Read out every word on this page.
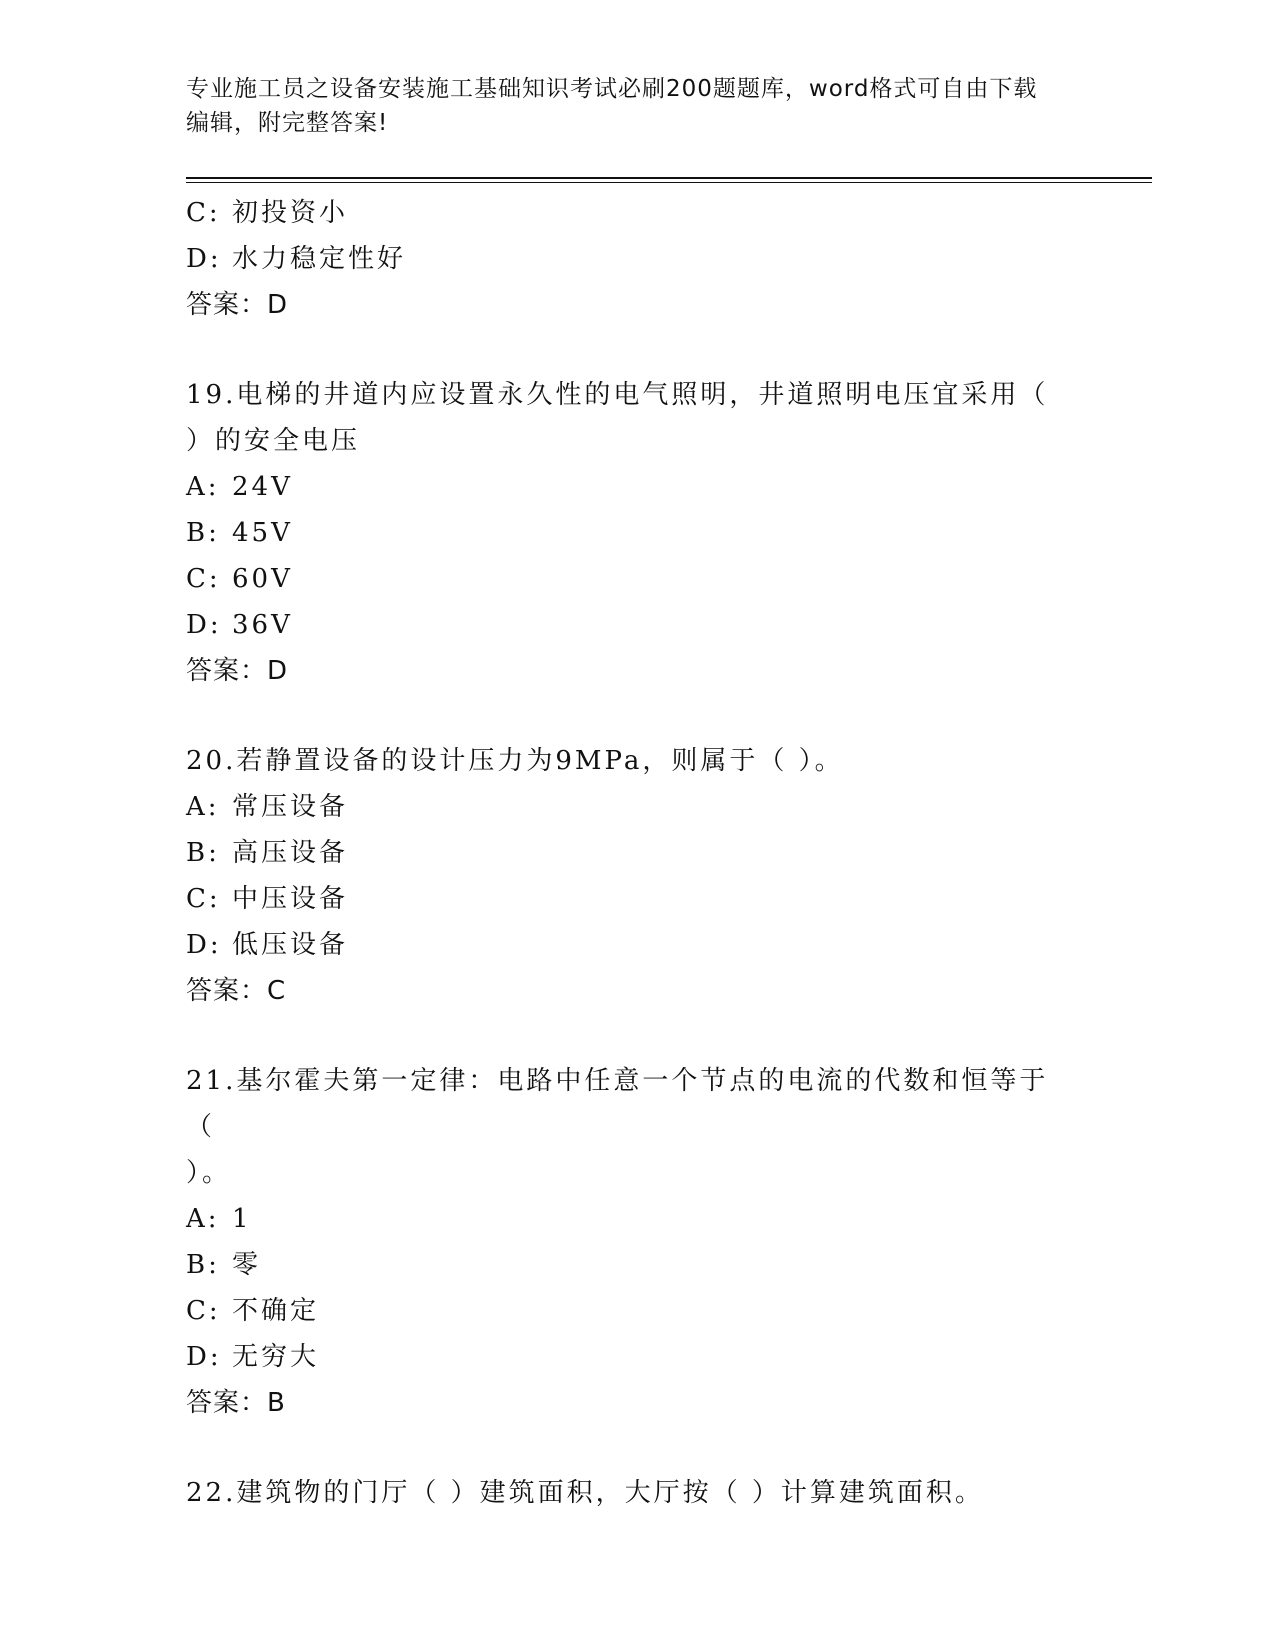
专业施工员之设备安装施工基础知识考试必刷200题题库，word格式可自由下载
编辑，附完整答案!
C: 初投资小
D: 水力稳定性好
答案：D
19.电梯的井道内应设置永久性的电气照明，井道照明电压宜采用（
）的安全电压
A: 24V
B: 45V
C: 60V
D: 36V
答案：D
20.若静置设备的设计压力为9MPa，则属于（ ）。
A: 常压设备
B: 高压设备
C: 中压设备
D: 低压设备
答案：C
21.基尔霍夫第一定律：电路中任意一个节点的电流的代数和恒等于（
）。
A: 1
B: 零
C: 不确定
D: 无穷大
答案：B
22.建筑物的门厅（ ）建筑面积，大厅按（ ）计算建筑面积。
